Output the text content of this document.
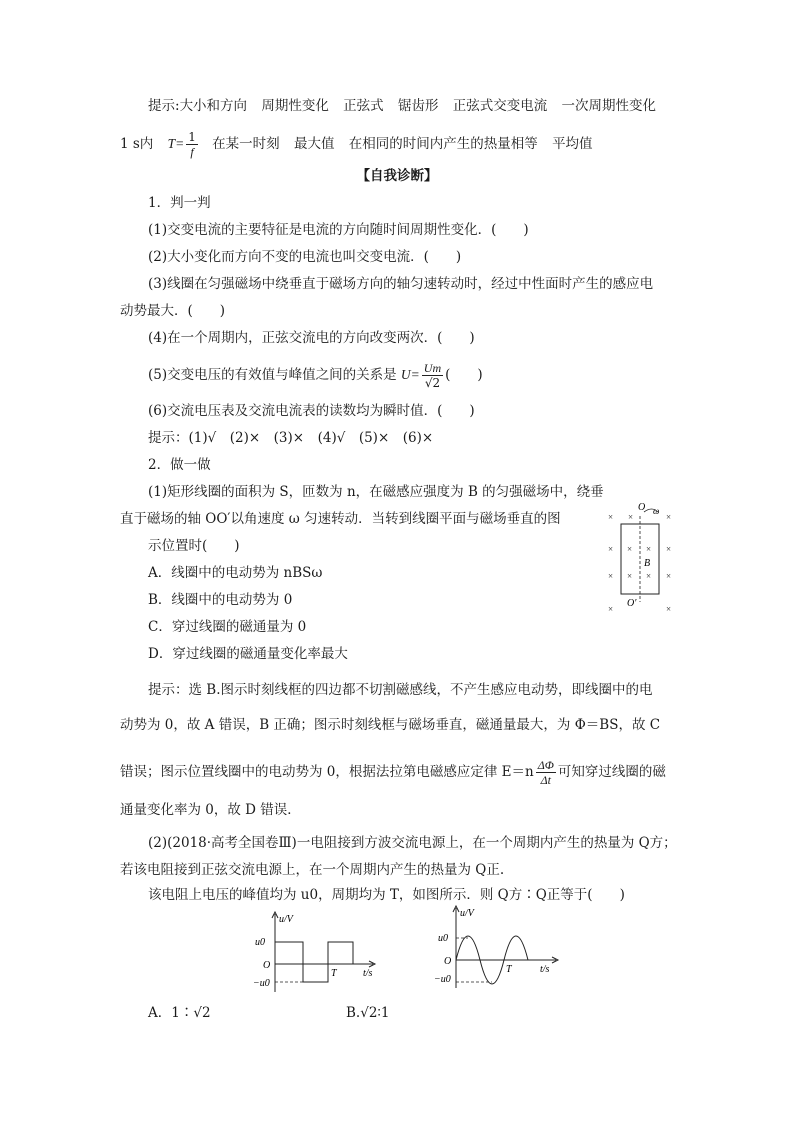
提示:大小和方向 周期性变化 正弦式 锯齿形 正弦式交变电流 一次周期性变化
1 s内 $T= \frac{1}{f}$ 在某一时刻 最大值 在相同的时间内产生的热量相等 平均值
【自我诊断】
1．判一判
(1)交变电流的主要特征是电流的方向随时间周期性变化．(　　)
(2)大小变化而方向不变的电流也叫交变电流．(　　)
(3)线圈在匀强磁场中绕垂直于磁场方向的轴匀速转动时，经过中性面时产生的感应电
动势最大．(　　)
(4)在一个周期内，正弦交流电的方向改变两次．(　　)
(5)交变电压的有效值与峰值之间的关系是 $U= \frac{Um}{√2}$ (　　)
(6)交流电压表及交流电流表的读数均为瞬时值．(　　)
提示：(1)√　(2)×　(3)×　(4)√　(5)×　(6)×
2．做一做
(1)矩形线圈的面积为 S，匝数为 n，在磁感应强度为 B 的匀强磁场中，绕垂
直于磁场的轴 OO′以角速度 ω 匀速转动．当转到线圈平面与磁场垂直的图
示位置时(　　)
A．线圈中的电动势为 nBSω
B．线圈中的电动势为 0
C．穿过线圈的磁通量为 0
D．穿过线圈的磁通量变化率最大
O ω
× ×	×
× × × ×
× × × ×
×	×
B
O′
提示：选 B.图示时刻线框的四边都不切割磁感线，不产生感应电动势，即线圈中的电
动势为 0，故 A 错误，B 正确；图示时刻线框与磁场垂直，磁通量最大，为 Φ＝BS，故 C
错误；图示位置线圈中的电动势为 0，根据法拉第电磁感应定律 $E=n \frac{\Delta\Phi}{\Delta t}$ 可知穿过线圈的磁
通量变化率为 0，故 D 错误．
(2)(2018·高考全国卷Ⅲ)一电阻接到方波交流电源上，在一个周期内产生的热量为 Q方；
若该电阻接到正弦交流电源上，在一个周期内产生的热量为 Q正.
该电阻上电压的峰值均为 u0，周期均为 T，如图所示．则 Q方∶Q正等于(　　)
u/V
u0
O
−u0
T	t/s
u/V
u0
O
−u0
T	t/s
A．1∶√2	B.√2∶1
